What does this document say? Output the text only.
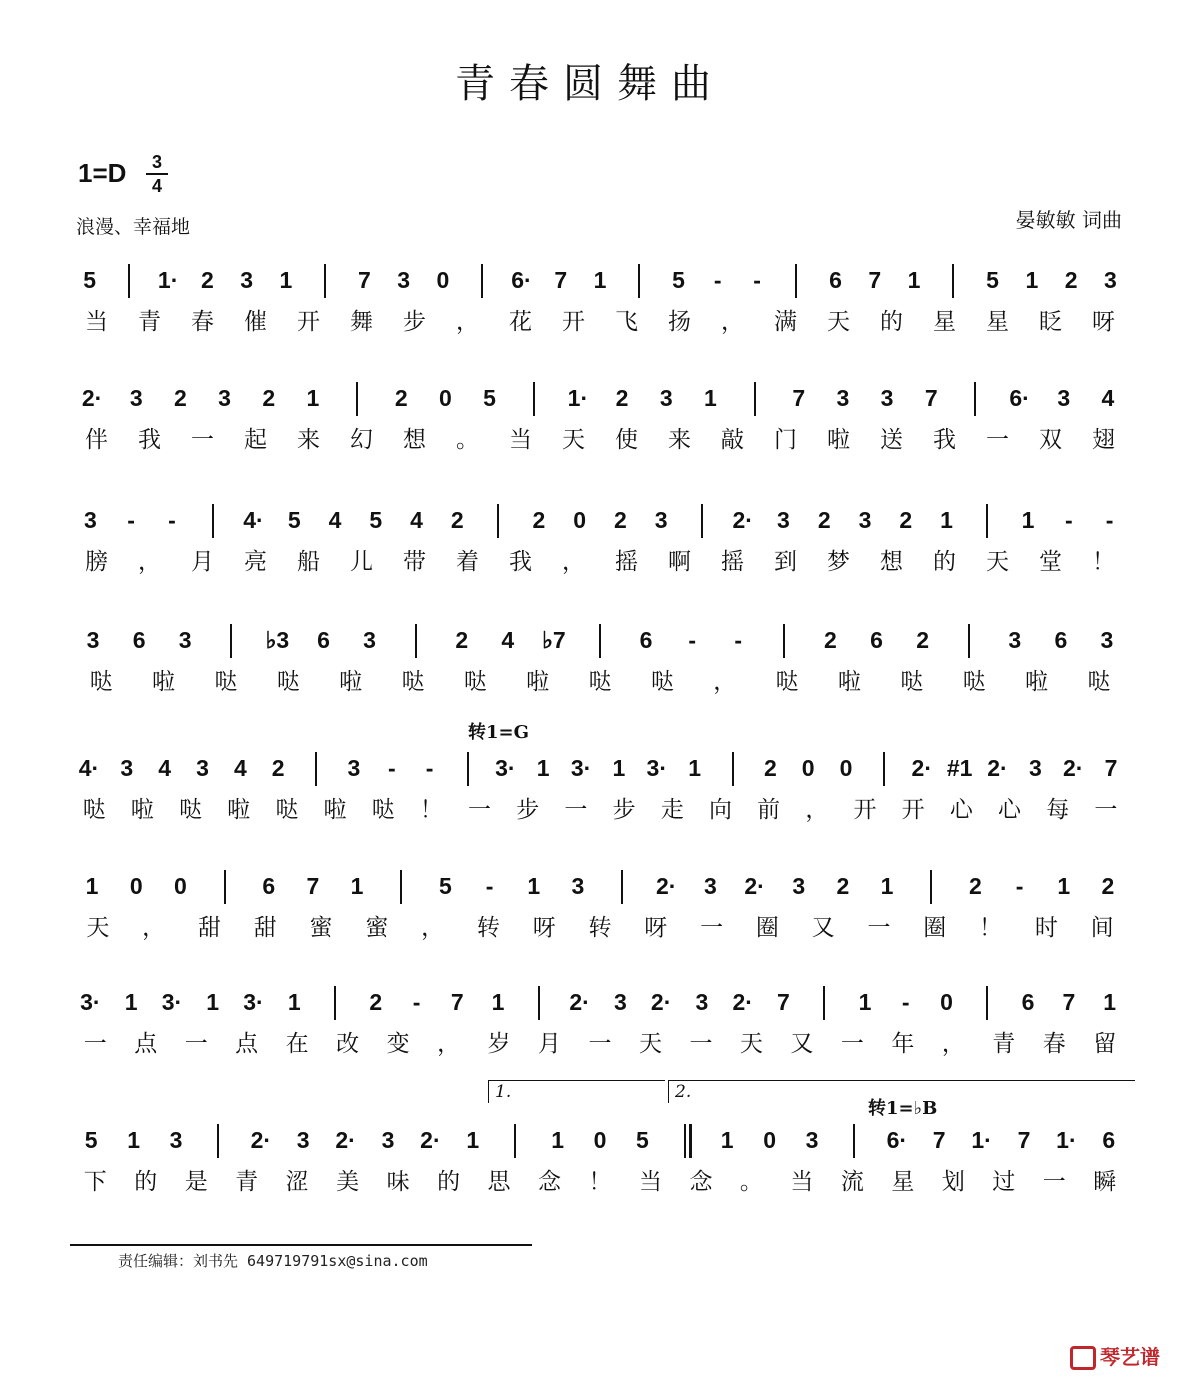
青春圆舞曲
1=D	3
4
浪漫、幸福地	晏敏敏 词曲
5	1· 2 3 1	7 3 0	6· 7 1	5	-	-	6 7 1	5 1 2 3
当 青 春 催 开 舞 步 ， 花 开 飞 扬 ， 满 天 的 星 星 眨 呀
2· 3 2 3 2 1	2 0 5	1· 2 3 1	7 3 3 7	6· 3 4
伴 我 一 起 来 幻 想 。 当 天 使 来 敲 门 啦 送 我 一 双 翅
3	-	-	4· 5 4 5 4 2	2 0 2 3	2· 3 2 3 2 1	1	-	-
膀 ， 月 亮 船 儿 带 着 我 ， 摇 啊 摇 到 梦 想 的 天 堂 ！
3 6 3	♭3 6 3	2 4 ♭7	6	-	-	2 6 2	3 6 3
哒 啦 哒 哒 啦 哒 哒 啦 哒 哒 ， 哒 啦 哒 哒 啦 哒
4· 3 4 3 4 2	3	-	-	3· 1 3· 1 3· 1	2 0 0	2· #1 2· 3 2· 7
哒 啦 哒 啦 哒 啦 哒 ！ 一 步 一 步 走 向 前 ， 开 开 心 心 每 一
1 0 0	6 7 1	5	-	1 3	2· 3 2· 3 2 1	2	-	1 2
天 ， 甜 甜 蜜 蜜 ， 转 呀 转 呀 一 圈 又 一 圈 ！ 时 间
3· 1 3· 1 3· 1	2	-	7 1	2· 3 2· 3 2· 7	1	-	0	6 7 1
一 点 一 点 在 改 变 ， 岁 月 一 天 一 天 又 一 年 ， 青 春 留
5 1 3	2· 3 2· 3 2· 1	1 0 5	1 0 3	6· 7 1· 7 1· 6
下 的 是 青 涩 美 味 的 思 念 ！ 当 念 。 当 流 星 划 过 一 瞬
转1=G
转1=♭B
1.	2.
责任编辑：刘书先 649719791sx@sina.com
琴艺谱
